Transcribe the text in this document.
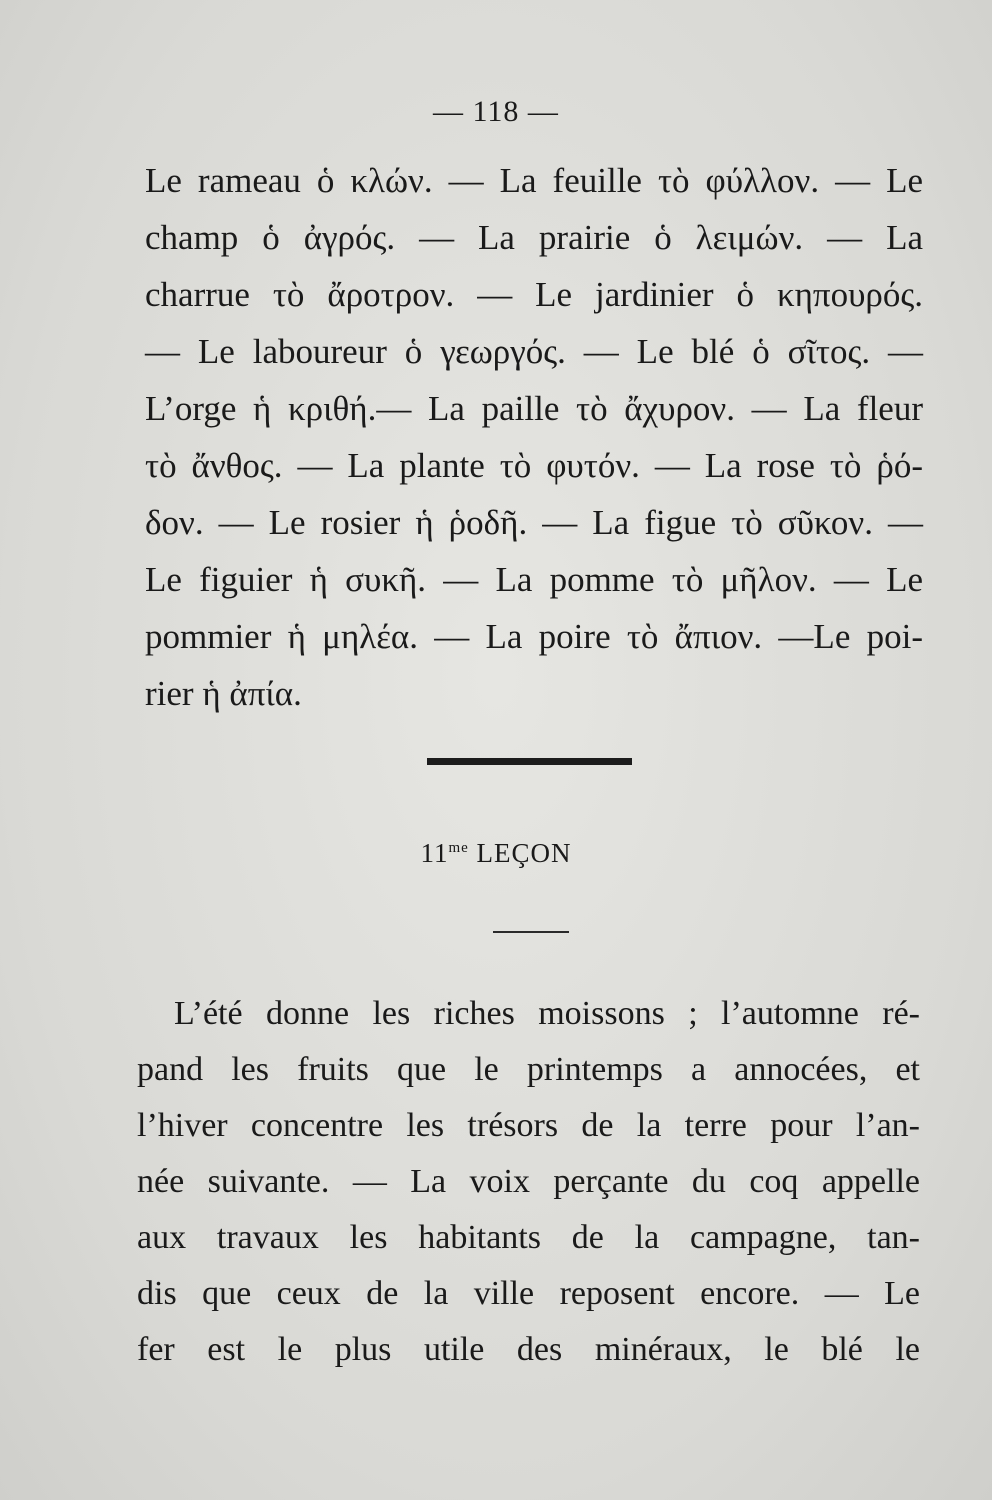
— 118 —
Le rameau ὁ κλών. — La feuille τὸ φύλλον. — Le
champ ὁ ἀγρός. — La prairie ὁ λειμών. — La
charrue τὸ ἄροτρον. — Le jardinier ὁ κηπουρός.
— Le laboureur ὁ γεωργός. — Le blé ὁ σῖτος. —
L’orge ἡ κριθή.— La paille τὸ ἄχυρον. — La fleur
τὸ ἄνθος. — La plante τὸ φυτόν. — La rose τὸ ῥό-
δον. — Le rosier ἡ ῥοδῆ. — La figue τὸ σῦκον. —
Le figuier ἡ συκῆ. — La pomme τὸ μῆλον. — Le
pommier ἡ μηλέα. — La poire τὸ ἄπιον. —Le poi-
rier ἡ ἀπία.
$11^{me}$ LEÇON
L’été donne les riches moissons ; l’automne ré-
pand les fruits que le printemps a annocées, et
l’hiver concentre les trésors de la terre pour l’an-
née suivante. — La voix perçante du coq appelle
aux travaux les habitants de la campagne, tan-
dis que ceux de la ville reposent encore. — Le
fer est le plus utile des minéraux, le blé le
